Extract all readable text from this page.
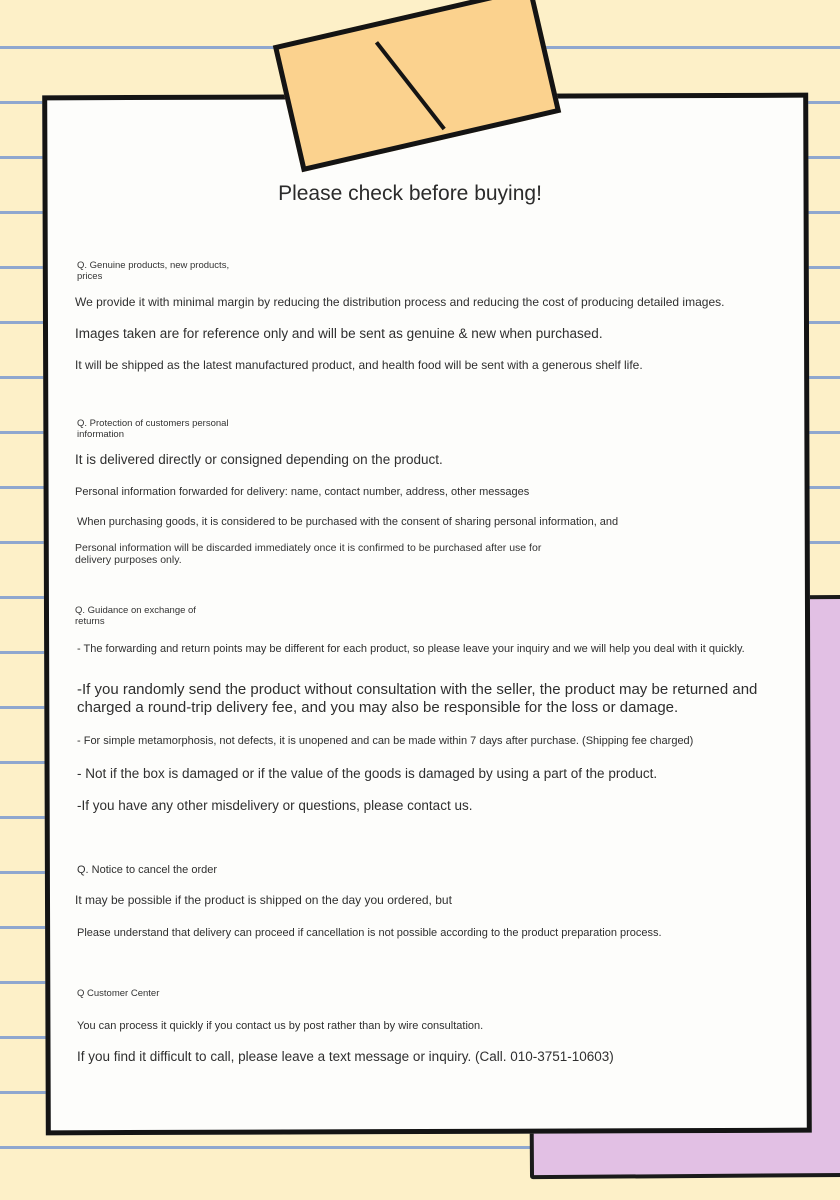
Please check before buying!
Q. Genuine products, new products, prices
We provide it with minimal margin by reducing the distribution process and reducing the cost of producing detailed images.
Images taken are for reference only and will be sent as genuine & new when purchased.
It will be shipped as the latest manufactured product, and health food will be sent with a generous shelf life.
Q. Protection of customers personal information
It is delivered directly or consigned depending on the product.
Personal information forwarded for delivery: name, contact number, address, other messages
When purchasing goods, it is considered to be purchased with the consent of sharing personal information, and
Personal information will be discarded immediately once it is confirmed to be purchased after use for delivery purposes only.
Q. Guidance on exchange of returns
- The forwarding and return points may be different for each product, so please leave your inquiry and we will help you deal with it quickly.
-If you randomly send the product without consultation with the seller, the product may be returned and charged a round-trip delivery fee, and you may also be responsible for the loss or damage.
- For simple metamorphosis, not defects, it is unopened and can be made within 7 days after purchase. (Shipping fee charged)
- Not if the box is damaged or if the value of the goods is damaged by using a part of the product.
-If you have any other misdelivery or questions, please contact us.
Q. Notice to cancel the order
It may be possible if the product is shipped on the day you ordered, but
Please understand that delivery can proceed if cancellation is not possible according to the product preparation process.
Q Customer Center
You can process it quickly if you contact us by post rather than by wire consultation.
If you find it difficult to call, please leave a text message or inquiry. (Call. 010-3751-10603)
